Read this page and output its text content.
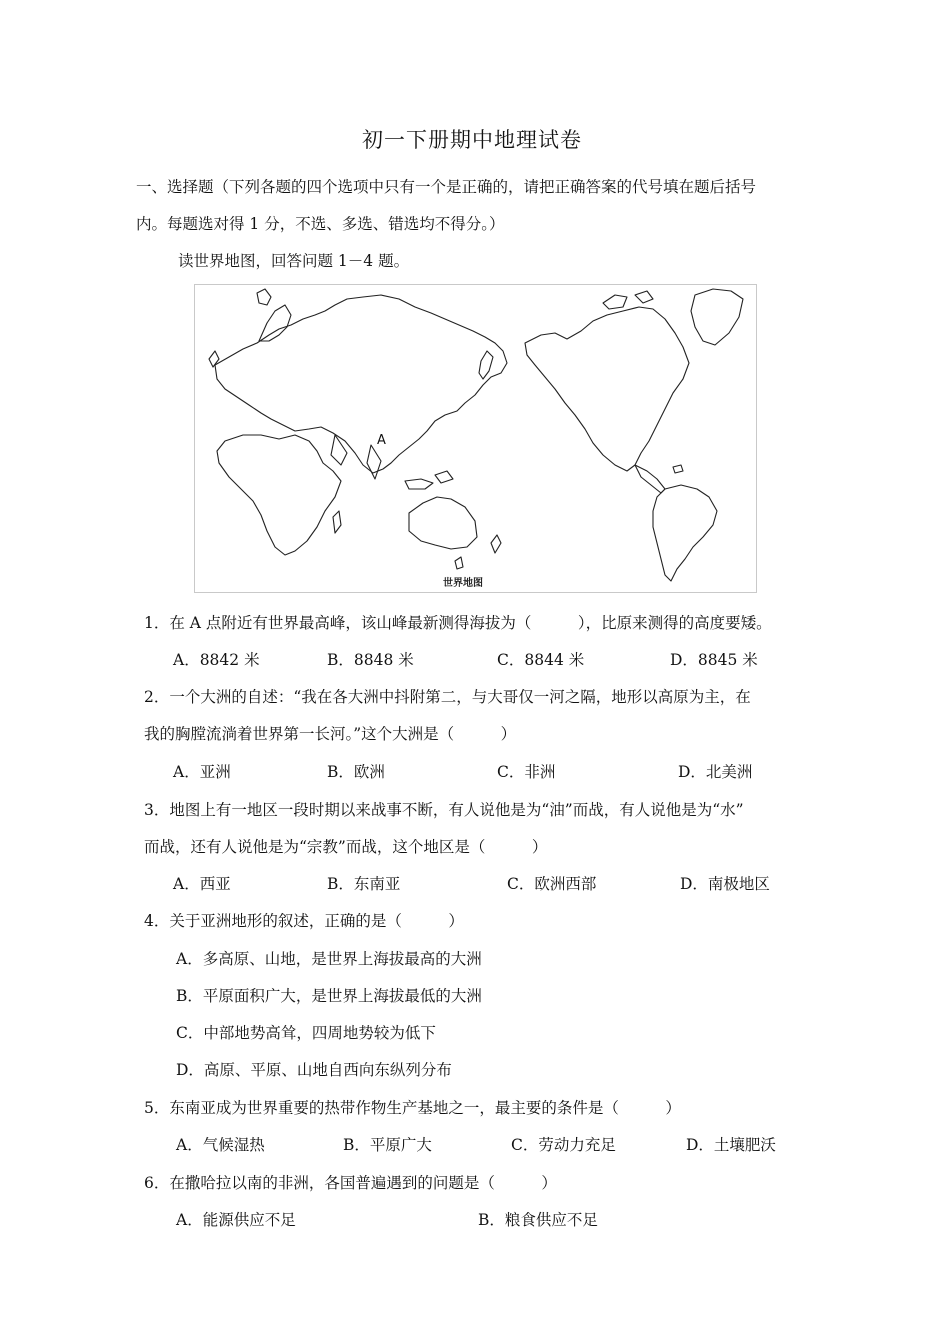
初一下册期中地理试卷
一、选择题（下列各题的四个选项中只有一个是正确的，请把正确答案的代号填在题后括号
内。每题选对得 1 分，不选、多选、错选均不得分。）
读世界地图，回答问题 1－4 题。
A
世界地图
1．在 A 点附近有世界最高峰，该山峰最新测得海拔为（　　　），比原来测得的高度要矮。
A．8842 米	B．8848 米	C．8844 米	D．8845 米
2．一个大洲的自述：“我在各大洲中抖附第二，与大哥仅一河之隔，地形以高原为主，在
我的胸膛流淌着世界第一长河。”这个大洲是（　　　）
A．亚洲	B．欧洲	C．非洲	D．北美洲
3．地图上有一地区一段时期以来战事不断，有人说他是为“油”而战，有人说他是为“水”
而战，还有人说他是为“宗教”而战，这个地区是（　　　）
A．西亚	B．东南亚	C．欧洲西部	D．南极地区
4．关于亚洲地形的叙述，正确的是（　　　）
A．多高原、山地，是世界上海拔最高的大洲
B．平原面积广大，是世界上海拔最低的大洲
C．中部地势高耸，四周地势较为低下
D．高原、平原、山地自西向东纵列分布
5．东南亚成为世界重要的热带作物生产基地之一，最主要的条件是（　　　）
A．气候湿热	B．平原广大	C．劳动力充足	D．土壤肥沃
6．在撒哈拉以南的非洲，各国普遍遇到的问题是（　　　）
A．能源供应不足	B．粮食供应不足
